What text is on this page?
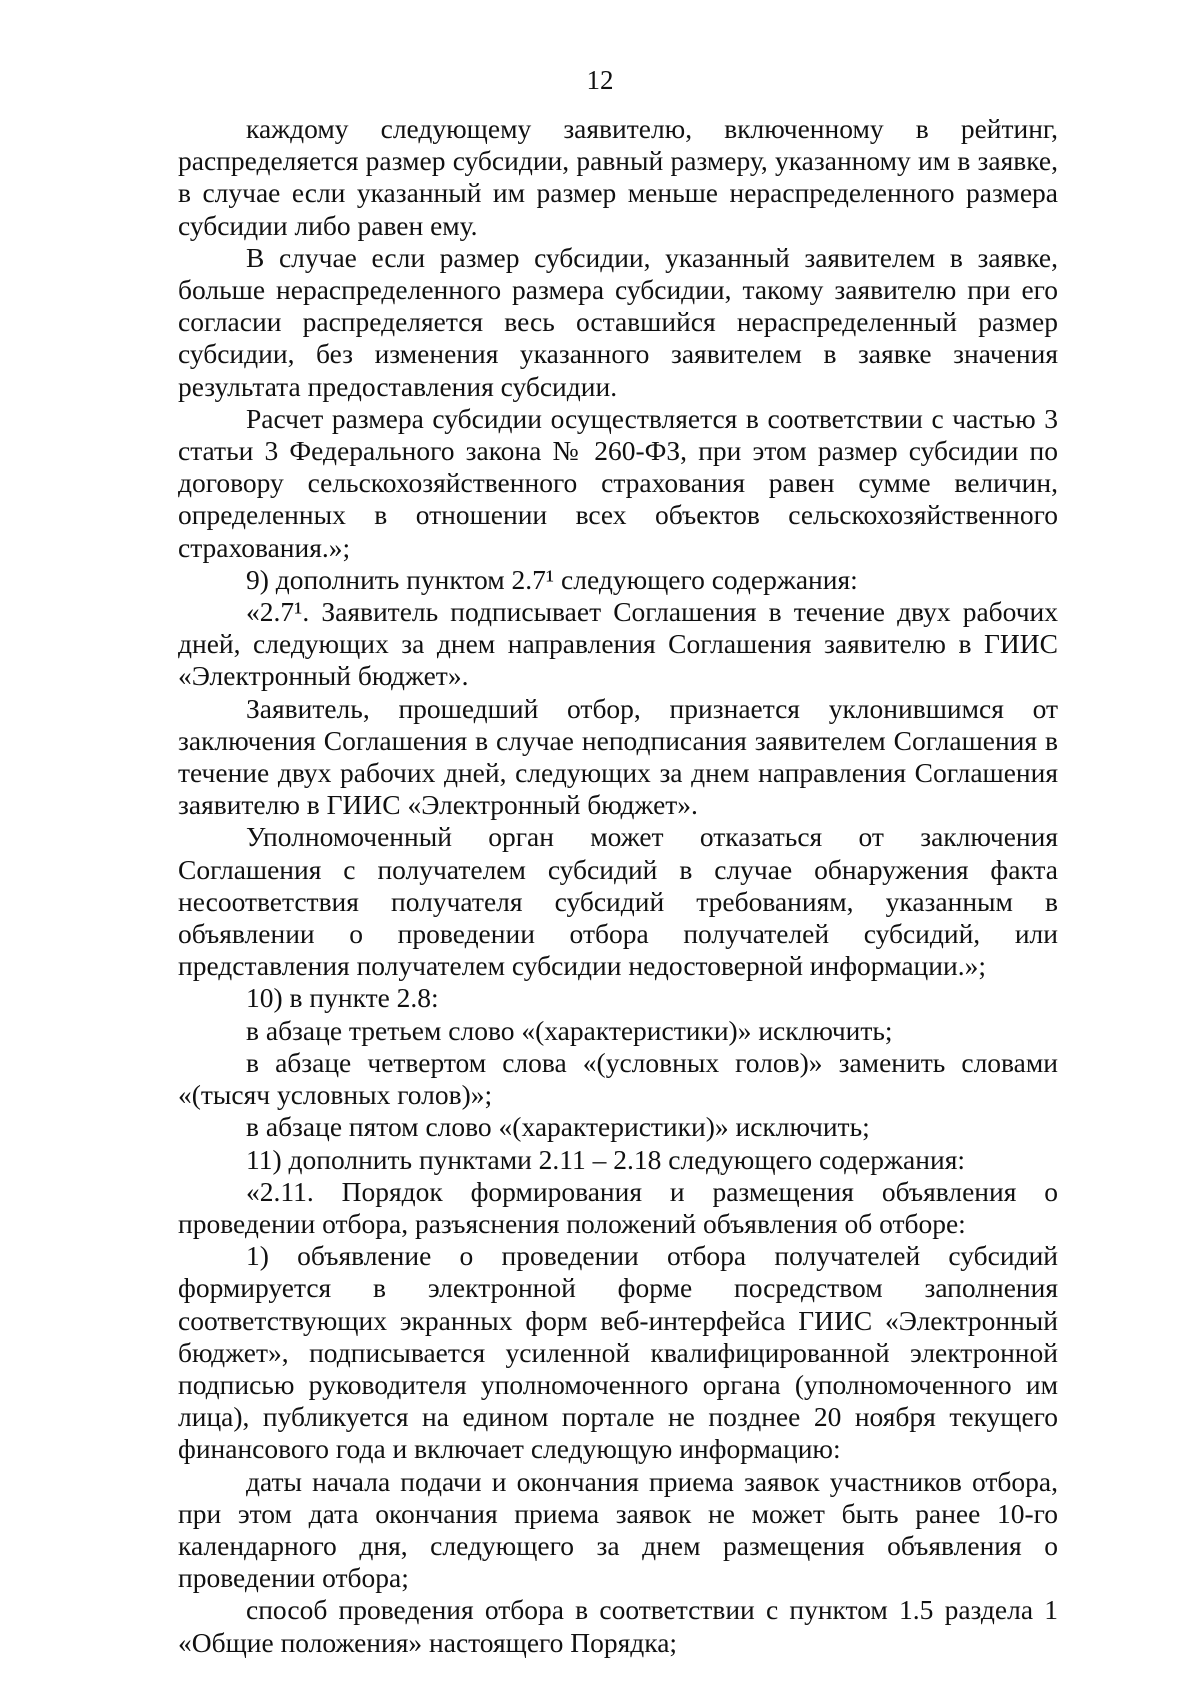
12

каждому следующему заявителю, включенному в рейтинг, распределяется размер субсидии, равный размеру, указанному им в заявке, в случае если указанный им размер меньше нераспределенного размера субсидии либо равен ему.

В случае если размер субсидии, указанный заявителем в заявке, больше нераспределенного размера субсидии, такому заявителю при его согласии распределяется весь оставшийся нераспределенный размер субсидии, без изменения указанного заявителем в заявке значения результата предоставления субсидии.

Расчет размера субсидии осуществляется в соответствии с частью 3 статьи 3 Федерального закона № 260-ФЗ, при этом размер субсидии по договору сельскохозяйственного страхования равен сумме величин, определенных в отношении всех объектов сельскохозяйственного страхования.»;

9) дополнить пунктом 2.7¹ следующего содержания:

«2.7¹. Заявитель подписывает Соглашения в течение двух рабочих дней, следующих за днем направления Соглашения заявителю в ГИИС «Электронный бюджет».

Заявитель, прошедший отбор, признается уклонившимся от заключения Соглашения в случае неподписания заявителем Соглашения в течение двух рабочих дней, следующих за днем направления Соглашения заявителю в ГИИС «Электронный бюджет».

Уполномоченный орган может отказаться от заключения Соглашения с получателем субсидий в случае обнаружения факта несоответствия получателя субсидий требованиям, указанным в объявлении о проведении отбора получателей субсидий, или представления получателем субсидии недостоверной информации.»;

10) в пункте 2.8:

в абзаце третьем слово «(характеристики)» исключить;

в абзаце четвертом слова «(условных голов)» заменить словами «(тысяч условных голов)»;

в абзаце пятом слово «(характеристики)» исключить;

11) дополнить пунктами 2.11 – 2.18 следующего содержания:

«2.11. Порядок формирования и размещения объявления о проведении отбора, разъяснения положений объявления об отборе:

1) объявление о проведении отбора получателей субсидий формируется в электронной форме посредством заполнения соответствующих экранных форм веб-интерфейса ГИИС «Электронный бюджет», подписывается усиленной квалифицированной электронной подписью руководителя уполномоченного органа (уполномоченного им лица), публикуется на едином портале не позднее 20 ноября текущего финансового года и включает следующую информацию:

даты начала подачи и окончания приема заявок участников отбора, при этом дата окончания приема заявок не может быть ранее 10-го календарного дня, следующего за днем размещения объявления о проведении отбора;

способ проведения отбора в соответствии с пунктом 1.5 раздела 1 «Общие положения» настоящего Порядка;
